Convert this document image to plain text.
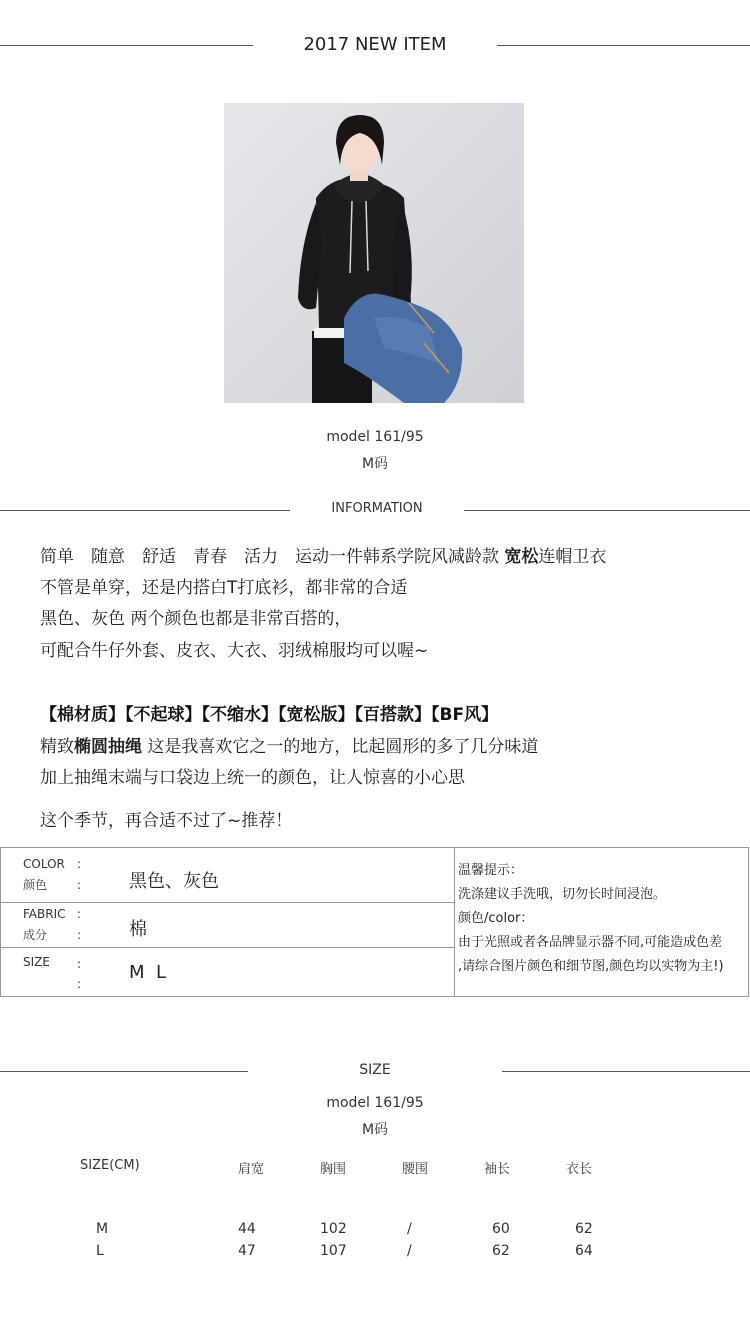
2017 NEW ITEM
model 161/95
M码
INFORMATION
简单　随意　舒适　青春　活力　运动一件韩系学院风减龄款 宽松连帽卫衣
不管是单穿，还是内搭白T打底衫，都非常的合适
黑色、灰色 两个颜色也都是非常百搭的，
可配合牛仔外套、皮衣、大衣、羽绒棉服均可以喔~
【棉材质】【不起球】【不缩水】【宽松版】【百搭款】【BF风】
精致椭圆抽绳 这是我喜欢它之一的地方，比起圆形的多了几分味道
加上抽绳末端与口袋边上统一的颜色，让人惊喜的小心思
这个季节，再合适不过了~推荐！
COLOR :
颜色 :	黑色、灰色
FABRIC :
成分 :	棉
SIZE :
:
M  L
温馨提示：
洗涤建议手洗哦，切勿长时间浸泡。
颜色/color：
由于光照或者各品牌显示器不同,可能造成色差
,请综合图片颜色和细节图,颜色均以实物为主!)
SIZE
model 161/95
M码
SIZE(CM)	肩宽	胸围	腰围	袖长	衣长
M	44	102	/	60	62
L	47	107	/	62	64
